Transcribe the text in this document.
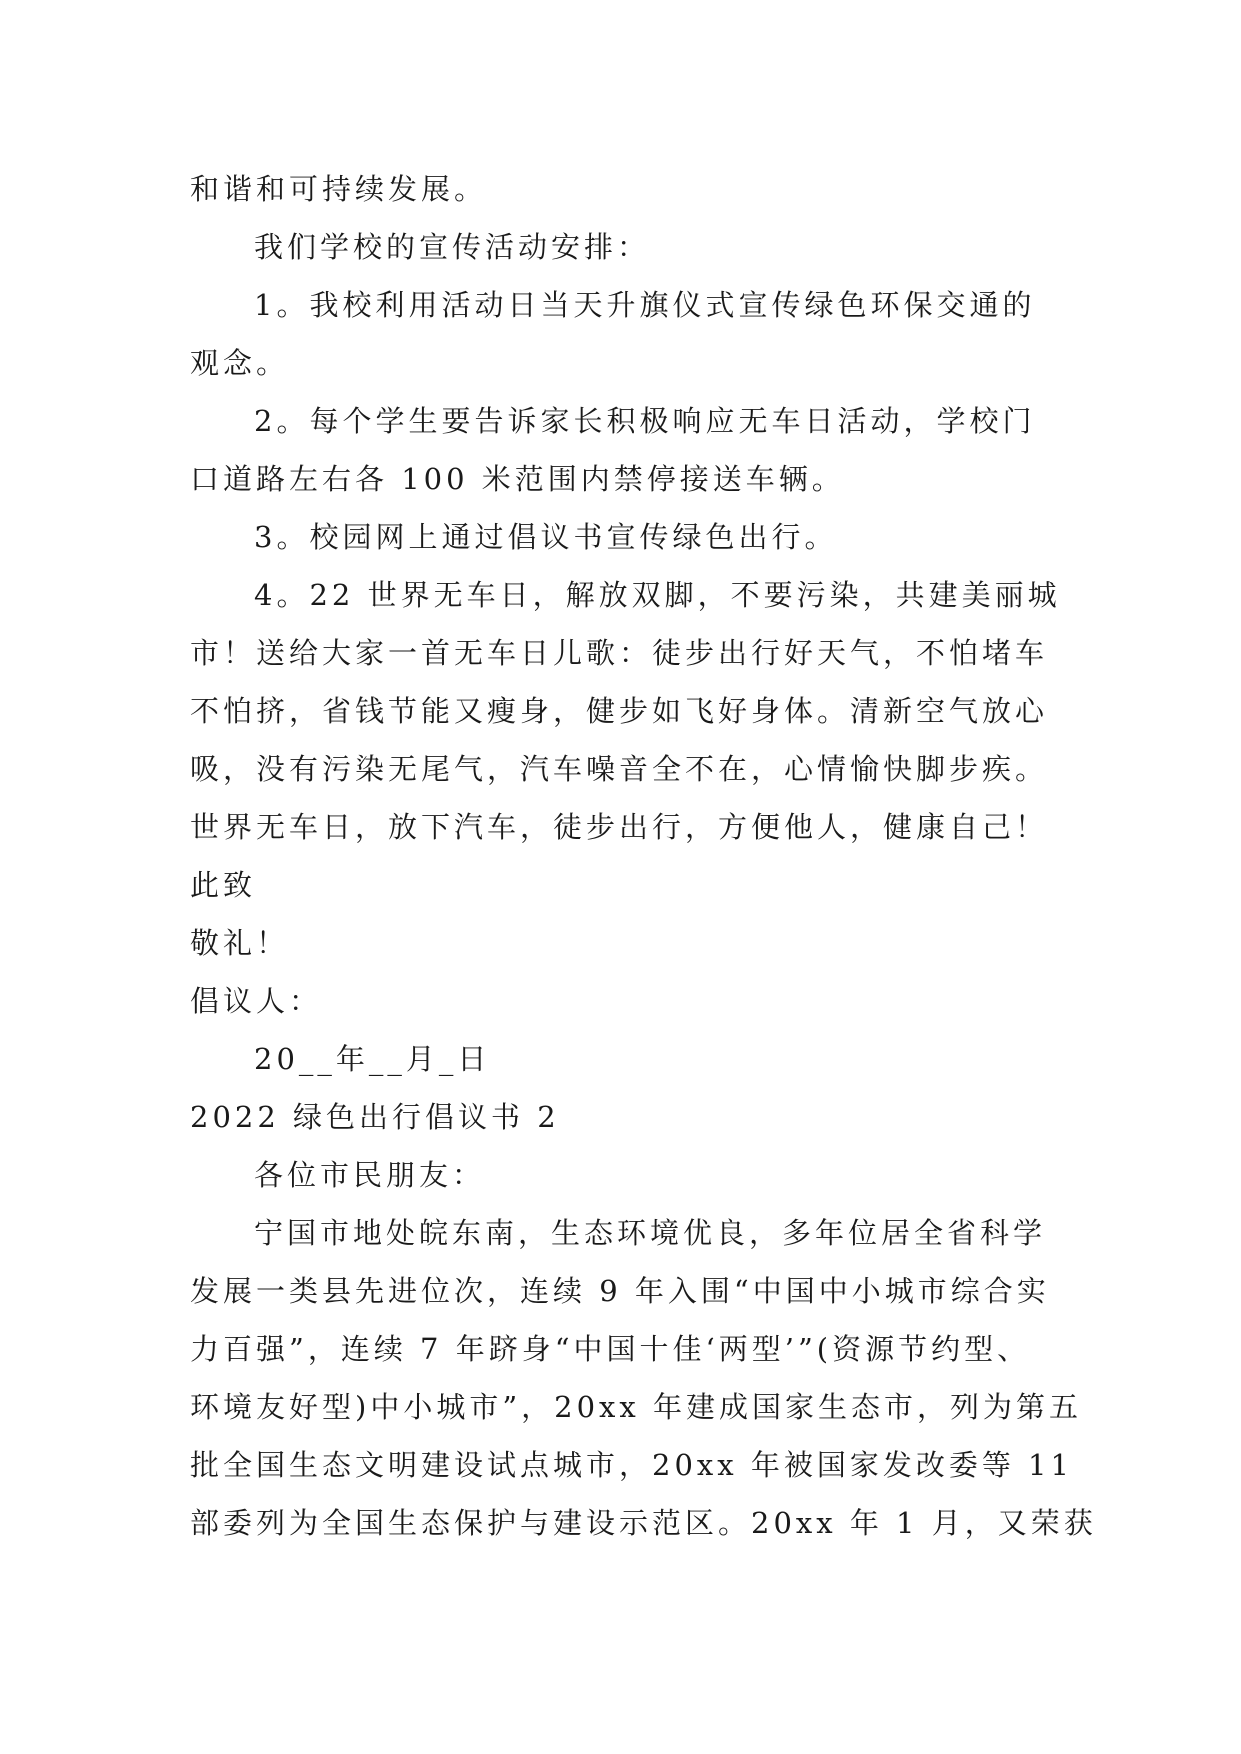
和谐和可持续发展。

我们学校的宣传活动安排：

1。我校利用活动日当天升旗仪式宣传绿色环保交通的

观念。

2。每个学生要告诉家长积极响应无车日活动，学校门

口道路左右各 100 米范围内禁停接送车辆。

3。校园网上通过倡议书宣传绿色出行。

4。22 世界无车日，解放双脚，不要污染，共建美丽城

市！送给大家一首无车日儿歌：徒步出行好天气，不怕堵车

不怕挤，省钱节能又瘦身，健步如飞好身体。清新空气放心

吸，没有污染无尾气，汽车噪音全不在，心情愉快脚步疾。

世界无车日，放下汽车，徒步出行，方便他人，健康自己！

此致

敬礼！

倡议人：

20__年__月_日

2022 绿色出行倡议书 2

各位市民朋友：

宁国市地处皖东南，生态环境优良，多年位居全省科学

发展一类县先进位次，连续 9 年入围“中国中小城市综合实

力百强”，连续 7 年跻身“中国十佳‘两型’”(资源节约型、

环境友好型)中小城市”，20xx 年建成国家生态市，列为第五

批全国生态文明建设试点城市，20xx 年被国家发改委等 11

部委列为全国生态保护与建设示范区。20xx 年 1 月，又荣获
